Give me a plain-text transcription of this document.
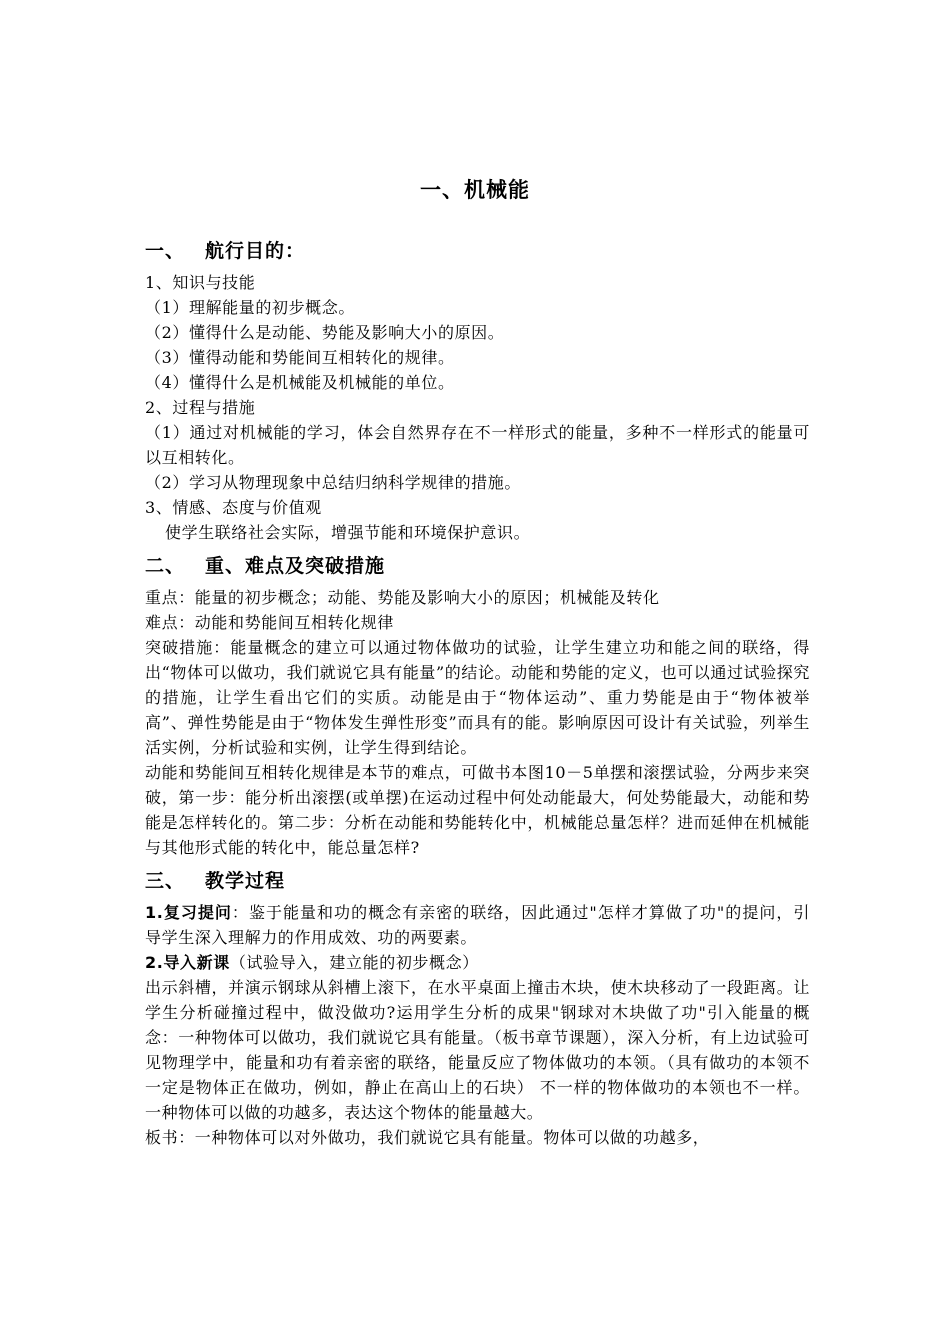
一、机械能
一、 航行目的：
1、知识与技能
（1）理解能量的初步概念。
（2）懂得什么是动能、势能及影响大小的原因。
（3）懂得动能和势能间互相转化的规律。
（4）懂得什么是机械能及机械能的单位。
2、过程与措施
（1）通过对机械能的学习，体会自然界存在不一样形式的能量，多种不一样形式的能量可以互相转化。
（2）学习从物理现象中总结归纳科学规律的措施。
3、情感、态度与价值观
使学生联络社会实际，增强节能和环境保护意识。
二、 重、难点及突破措施
重点：能量的初步概念；动能、势能及影响大小的原因；机械能及转化
难点：动能和势能间互相转化规律
突破措施：能量概念的建立可以通过物体做功的试验，让学生建立功和能之间的联络，得出“物体可以做功，我们就说它具有能量”的结论。动能和势能的定义，也可以通过试验探究的措施，让学生看出它们的实质。动能是由于“物体运动”、重力势能是由于“物体被举高”、弹性势能是由于“物体发生弹性形变”而具有的能。影响原因可设计有关试验，列举生活实例，分析试验和实例，让学生得到结论。
动能和势能间互相转化规律是本节的难点，可做书本图10－5单摆和滚摆试验，分两步来突破，第一步：能分析出滚摆(或单摆)在运动过程中何处动能最大，何处势能最大，动能和势能是怎样转化的。第二步：分析在动能和势能转化中，机械能总量怎样？进而延伸在机械能与其他形式能的转化中，能总量怎样?
三、 教学过程
1.复习提问：鉴于能量和功的概念有亲密的联络，因此通过"怎样才算做了功"的提问，引导学生深入理解力的作用成效、功的两要素。
2.导入新课（试验导入，建立能的初步概念）
出示斜槽，并演示钢球从斜槽上滚下，在水平桌面上撞击木块，使木块移动了一段距离。让学生分析碰撞过程中，做没做功?运用学生分析的成果"钢球对木块做了功"引入能量的概念：一种物体可以做功，我们就说它具有能量。（板书章节课题），深入分析，有上边试验可见物理学中，能量和功有着亲密的联络，能量反应了物体做功的本领。（具有做功的本领不一定是物体正在做功，例如，静止在高山上的石块） 不一样的物体做功的本领也不一样。一种物体可以做的功越多，表达这个物体的能量越大。
板书：一种物体可以对外做功，我们就说它具有能量。物体可以做的功越多，
